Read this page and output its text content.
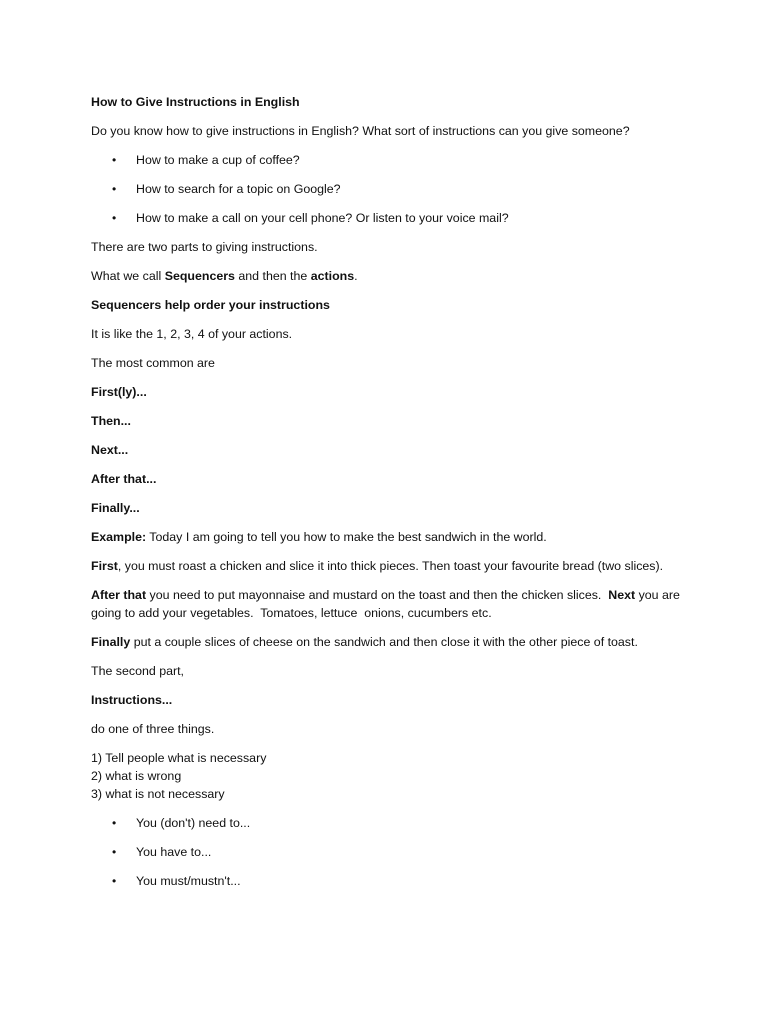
How to Give Instructions in English

Do you know how to give instructions in English? What sort of instructions can you give someone?

• How to make a cup of coffee?
• How to search for a topic on Google?
• How to make a call on your cell phone? Or listen to your voice mail?

There are two parts to giving instructions.

What we call Sequencers and then the actions.

Sequencers help order your instructions

It is like the 1, 2, 3, 4 of your actions.

The most common are

First(ly)...

Then...

Next...

After that...

Finally...

Example: Today I am going to tell you how to make the best sandwich in the world.

First, you must roast a chicken and slice it into thick pieces. Then toast your favourite bread (two slices).

After that you need to put mayonnaise and mustard on the toast and then the chicken slices.  Next you are going to add your vegetables.  Tomatoes, lettuce  onions, cucumbers etc.

Finally put a couple slices of cheese on the sandwich and then close it with the other piece of toast.

The second part,

Instructions...

do one of three things.

1) Tell people what is necessary

2) what is wrong

3) what is not necessary

• You (don't) need to...
• You have to...
• You must/mustn't...
